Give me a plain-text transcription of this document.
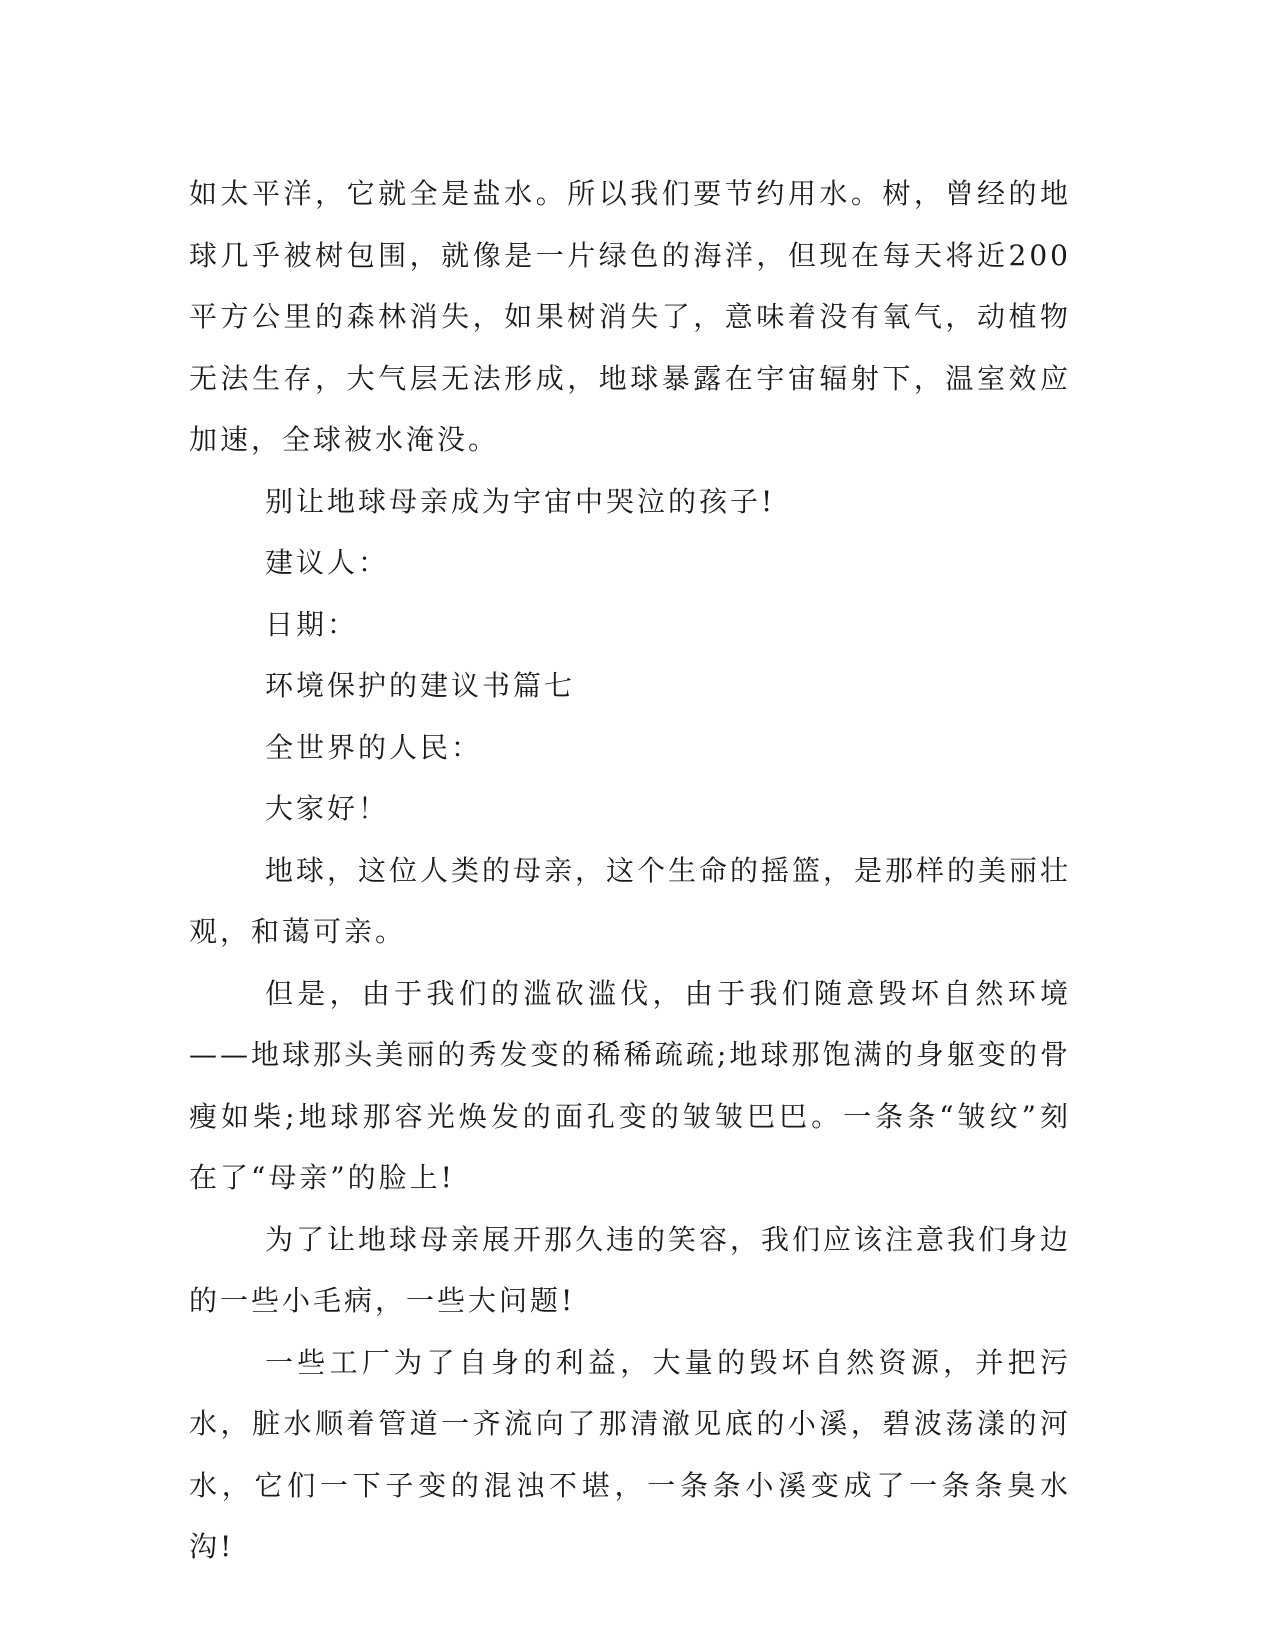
如太平洋，它就全是盐水。所以我们要节约用水。树，曾经的地球几乎被树包围，就像是一片绿色的海洋，但现在每天将近200平方公里的森林消失，如果树消失了，意味着没有氧气，动植物无法生存，大气层无法形成，地球暴露在宇宙辐射下，温室效应加速，全球被水淹没。

别让地球母亲成为宇宙中哭泣的孩子!

建议人：

日期：

环境保护的建议书篇七

全世界的人民：

大家好！

地球，这位人类的母亲，这个生命的摇篮，是那样的美丽壮观，和蔼可亲。

但是，由于我们的滥砍滥伐，由于我们随意毁坏自然环境——地球那头美丽的秀发变的稀稀疏疏;地球那饱满的身躯变的骨瘦如柴;地球那容光焕发的面孔变的皱皱巴巴。一条条“皱纹”刻在了“母亲”的脸上!

为了让地球母亲展开那久违的笑容，我们应该注意我们身边的一些小毛病，一些大问题!

一些工厂为了自身的利益，大量的毁坏自然资源，并把污水，脏水顺着管道一齐流向了那清澈见底的小溪，碧波荡漾的河水，它们一下子变的混浊不堪，一条条小溪变成了一条条臭水沟!
